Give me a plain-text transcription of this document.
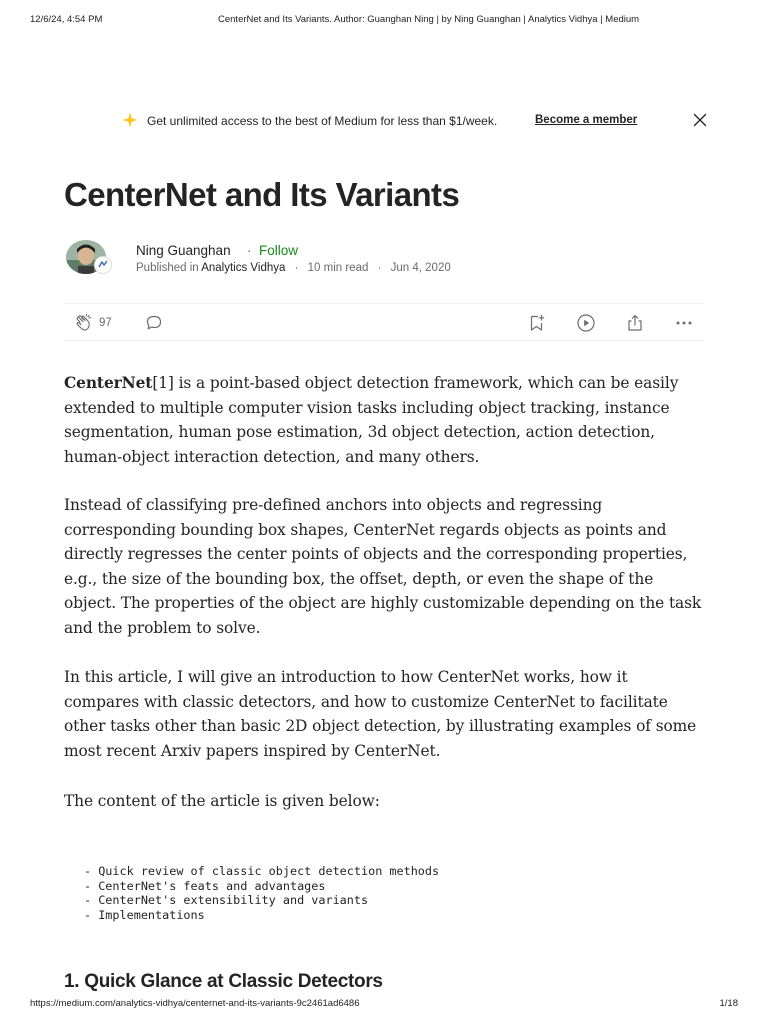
12/6/24, 4:54 PM	CenterNet and Its Variants. Author: Guanghan Ning | by Ning Guanghan | Analytics Vidhya | Medium
Get unlimited access to the best of Medium for less than $1/week.	Become a member
CenterNet and Its Variants
Ning Guanghan · Follow
Published in Analytics Vidhya · 10 min read · Jun 4, 2020
97

CenterNet[1] is a point-based object detection framework, which can be easily extended to multiple computer vision tasks including object tracking, instance segmentation, human pose estimation, 3d object detection, action detection, human-object interaction detection, and many others.

Instead of classifying pre-defined anchors into objects and regressing corresponding bounding box shapes, CenterNet regards objects as points and directly regresses the center points of objects and the corresponding properties, e.g., the size of the bounding box, the offset, depth, or even the shape of the object. The properties of the object are highly customizable depending on the task and the problem to solve.

In this article, I will give an introduction to how CenterNet works, how it compares with classic detectors, and how to customize CenterNet to facilitate other tasks other than basic 2D object detection, by illustrating examples of some most recent Arxiv papers inspired by CenterNet.

The content of the article is given below:

- Quick review of classic object detection methods
- CenterNet's feats and advantages
- CenterNet's extensibility and variants
- Implementations
1. Quick Glance at Classic Detectors
https://medium.com/analytics-vidhya/centernet-and-its-variants-9c2461ad6486	1/18
